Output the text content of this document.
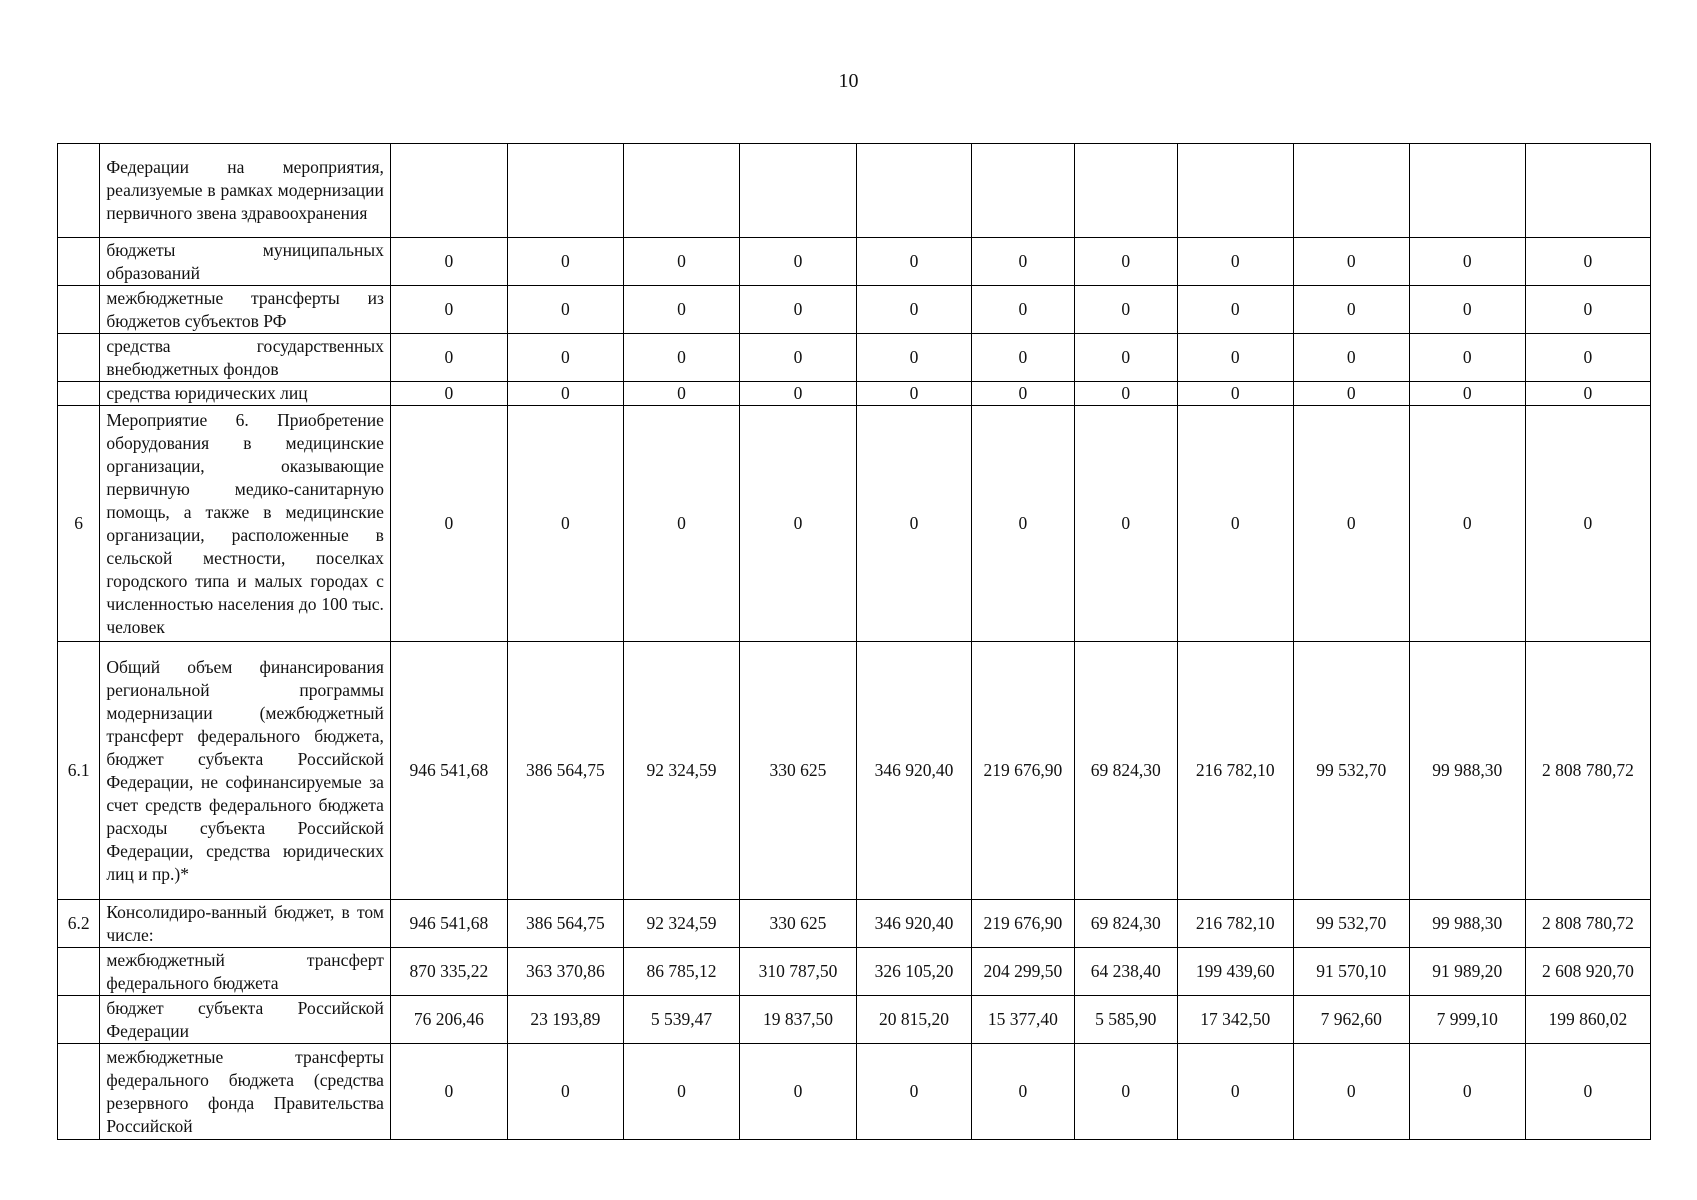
10
	Федерации на мероприятия, реализуемые в рамках модернизации первичного звена здравоохранения											
	бюджеты муниципальных образований	0	0	0	0	0	0	0	0	0	0	0
	межбюджетные трансферты из бюджетов субъектов РФ	0	0	0	0	0	0	0	0	0	0	0
	средства государственных внебюджетных фондов	0	0	0	0	0	0	0	0	0	0	0
	средства юридических лиц	0	0	0	0	0	0	0	0	0	0	0
6	Мероприятие 6. Приобретение оборудования в медицинские организации, оказывающие первичную медико-санитарную помощь, а также в медицинские организации, расположенные в сельской местности, поселках городского типа и малых городах с численностью населения до 100 тыс. человек	0	0	0	0	0	0	0	0	0	0	0
6.1	Общий объем финансирования региональной программы модернизации (межбюджетный трансферт федерального бюджета, бюджет субъекта Российской Федерации, не софинансируемые за счет средств федерального бюджета расходы субъекта Российской Федерации, средства юридических лиц и пр.)*	946 541,68	386 564,75	92 324,59	330 625	346 920,40	219 676,90	69 824,30	216 782,10	99 532,70	99 988,30	2 808 780,72
6.2	Консолидиро-ванный бюджет, в том числе:	946 541,68	386 564,75	92 324,59	330 625	346 920,40	219 676,90	69 824,30	216 782,10	99 532,70	99 988,30	2 808 780,72
	межбюджетный трансферт федерального бюджета	870 335,22	363 370,86	86 785,12	310 787,50	326 105,20	204 299,50	64 238,40	199 439,60	91 570,10	91 989,20	2 608 920,70
	бюджет субъекта Российской Федерации	76 206,46	23 193,89	5 539,47	19 837,50	20 815,20	15 377,40	5 585,90	17 342,50	7 962,60	7 999,10	199 860,02
	межбюджетные трансферты федерального бюджета (средства резервного фонда Правительства Российской	0	0	0	0	0	0	0	0	0	0	0
